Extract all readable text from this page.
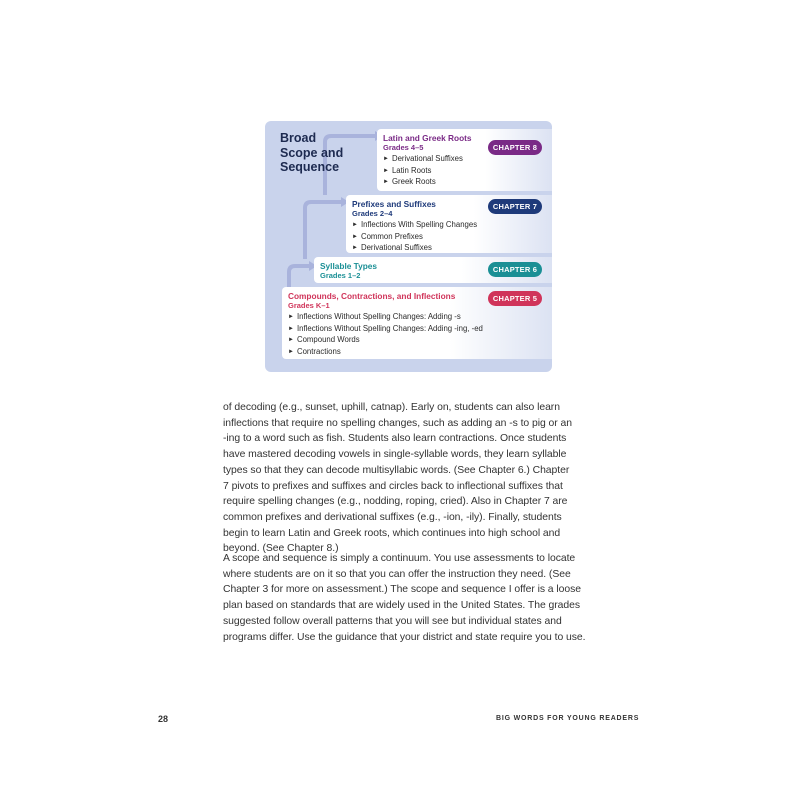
Broad
Scope and
Sequence
Latin and Greek Roots
Grades 4–5
► Derivational Suffixes
► Latin Roots
► Greek Roots
CHAPTER 8
Prefixes and Suffixes
Grades 2–4
► Inflections With Spelling Changes
► Common Prefixes
► Derivational Suffixes
CHAPTER 7
Syllable Types
Grades 1–2
CHAPTER 6
Compounds, Contractions, and Inflections
Grades K–1
► Inflections Without Spelling Changes: Adding -s
► Inflections Without Spelling Changes: Adding -ing, -ed
► Compound Words
► Contractions
CHAPTER 5
of decoding (e.g., sunset, uphill, catnap). Early on, students can also learn
inflections that require no spelling changes, such as adding an -s to pig or an
-ing to a word such as fish. Students also learn contractions. Once students
have mastered decoding vowels in single-syllable words, they learn syllable
types so that they can decode multisyllabic words. (See Chapter 6.) Chapter
7 pivots to prefixes and suffixes and circles back to inflectional suffixes that
require spelling changes (e.g., nodding, roping, cried). Also in Chapter 7 are
common prefixes and derivational suffixes (e.g., -ion, -ily). Finally, students
begin to learn Latin and Greek roots, which continues into high school and
beyond. (See Chapter 8.)
A scope and sequence is simply a continuum. You use assessments to locate
where students are on it so that you can offer the instruction they need. (See
Chapter 3 for more on assessment.) The scope and sequence I offer is a loose
plan based on standards that are widely used in the United States. The grades
suggested follow overall patterns that you will see but individual states and
programs differ. Use the guidance that your district and state require you to use.
28	BIG WORDS FOR YOUNG READERS
